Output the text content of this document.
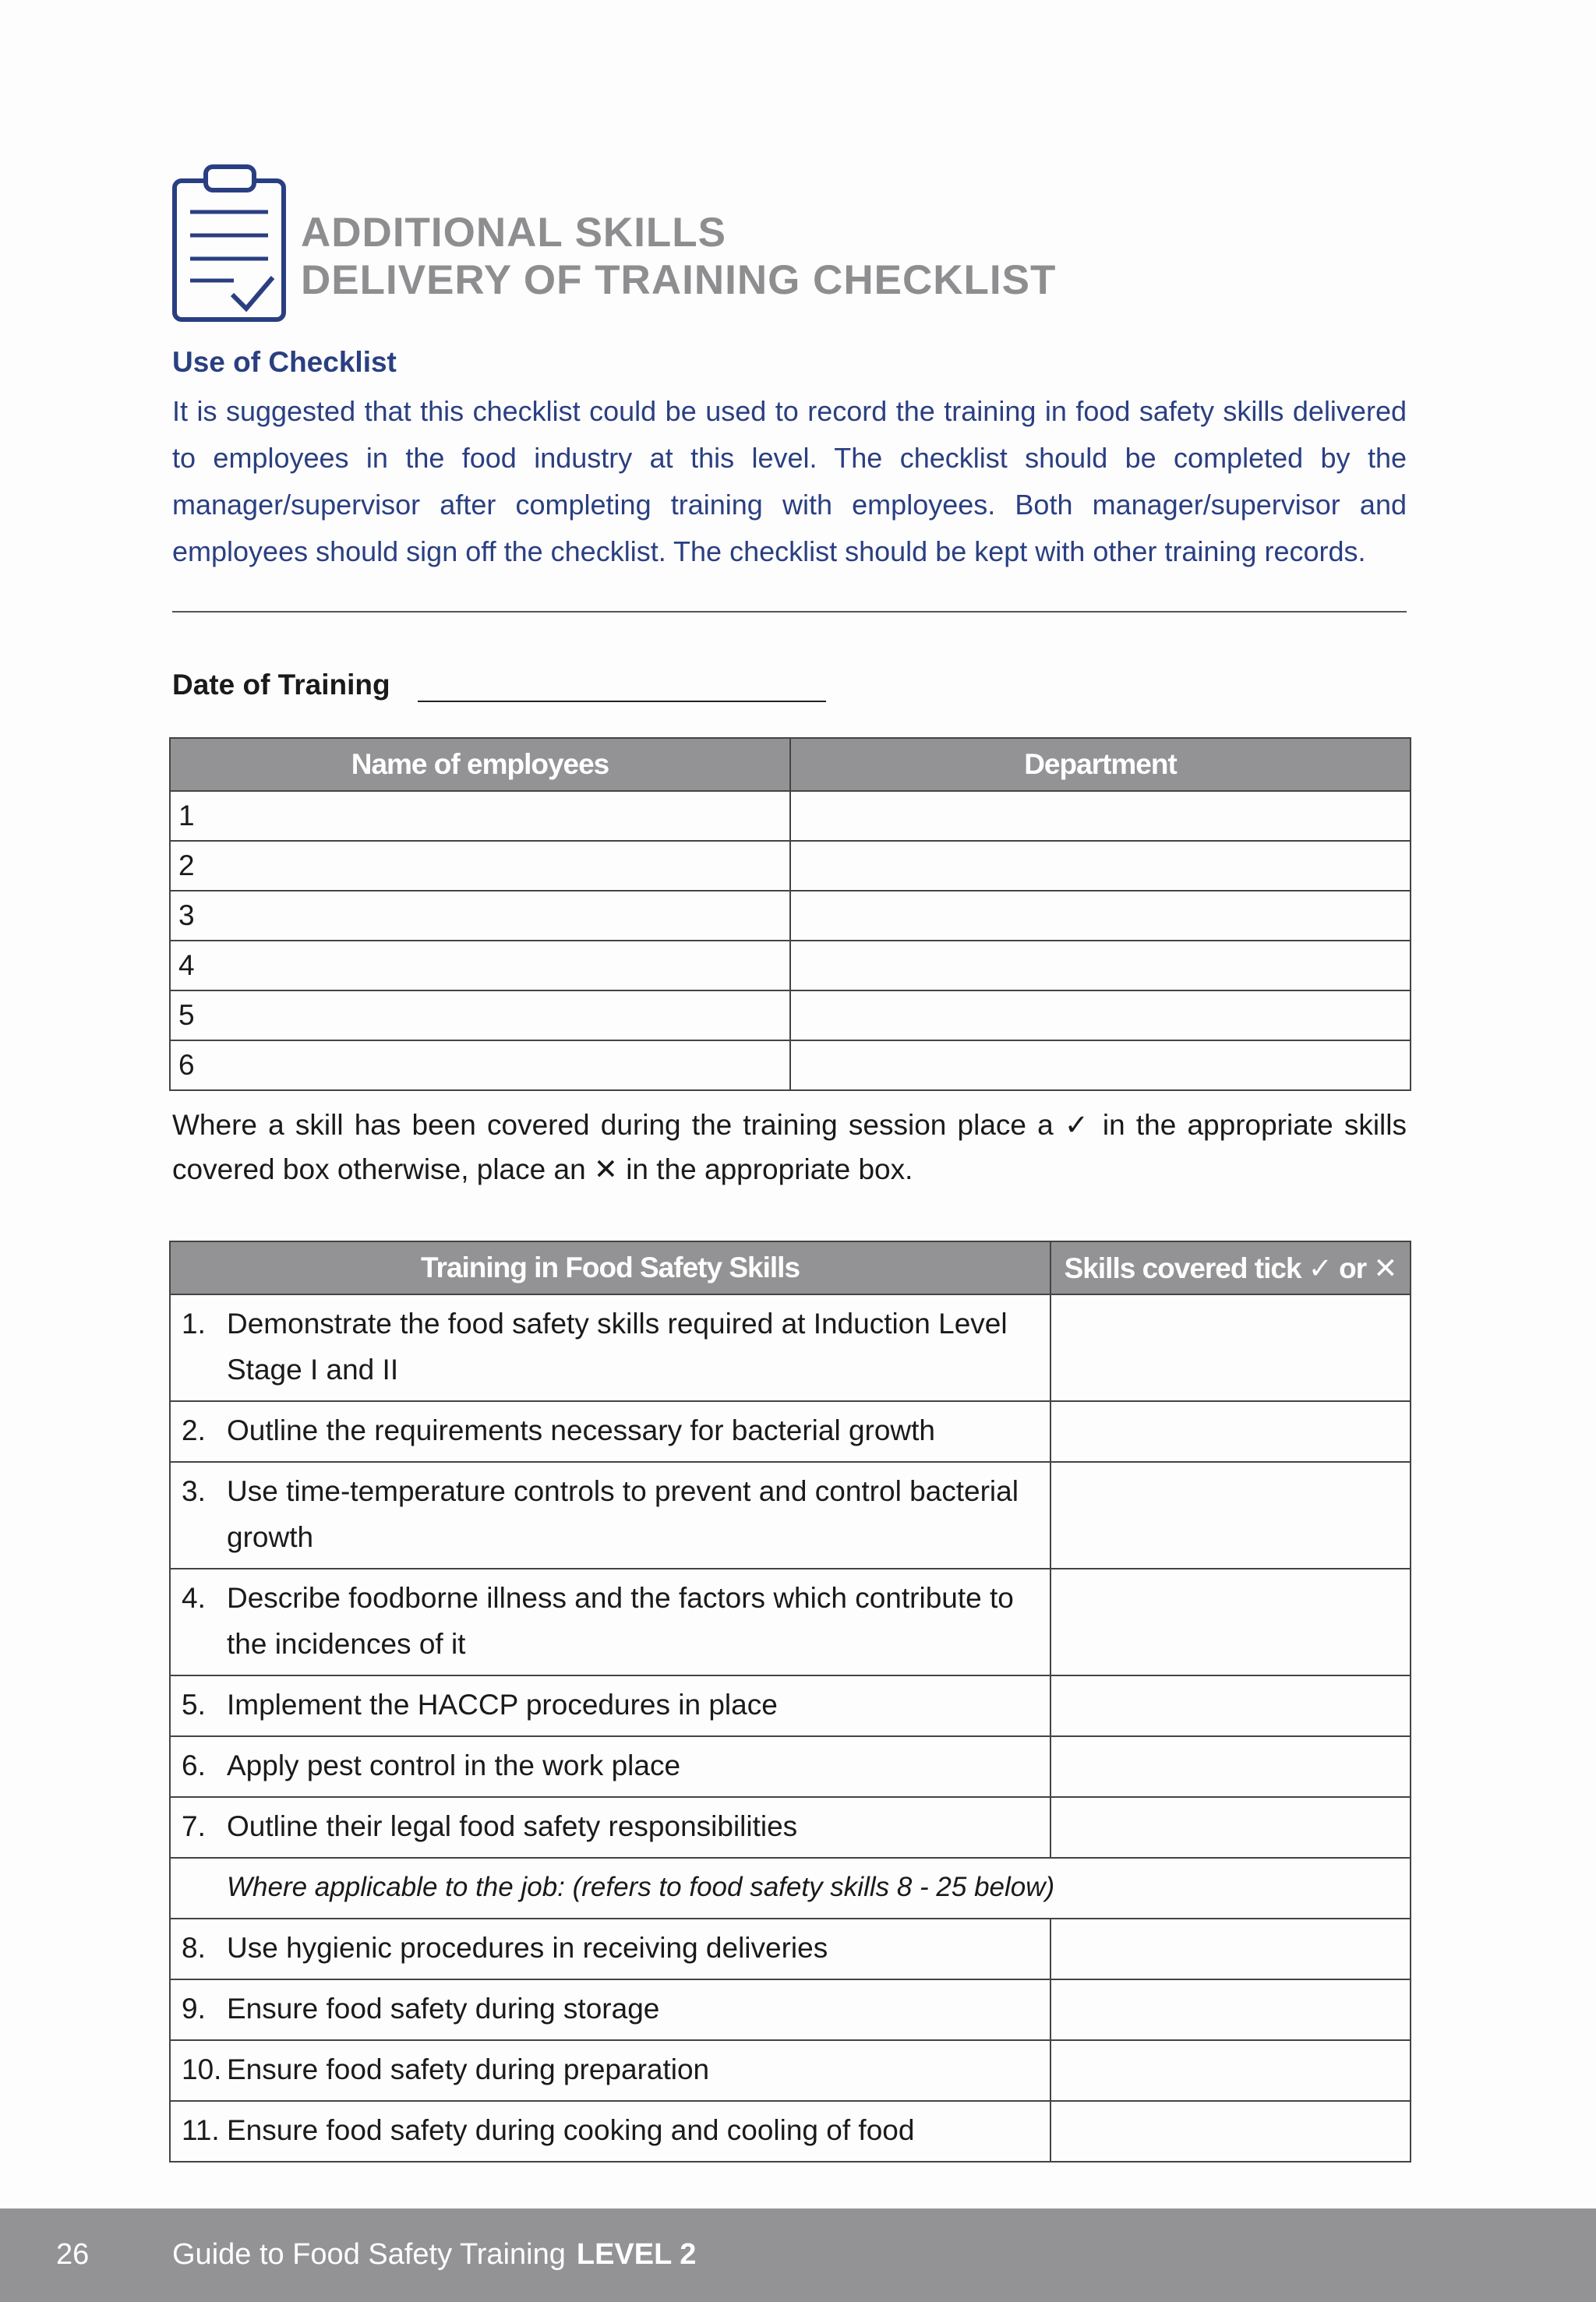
ADDITIONAL SKILLS
DELIVERY OF TRAINING CHECKLIST
Use of Checklist

It is suggested that this checklist could be used to record the training in food safety skills delivered to employees in the food industry at this level. The checklist should be completed by the manager/supervisor after completing training with employees. Both manager/supervisor and employees should sign off the checklist. The checklist should be kept with other training records.

Date of Training
Name of employees	Department
1	
2	
3	
4	
5	
6	
Where a skill has been covered during the training session place a ✓ in the appropriate skills covered box otherwise, place an ✕ in the appropriate box.
Training in Food Safety Skills	Skills covered tick ✓ or ✕

1. Demonstrate the food safety skills required at Induction Level Stage I and II	

2. Outline the requirements necessary for bacterial growth	

3. Use time-temperature controls to prevent and control bacterial growth	

4. Describe foodborne illness and the factors which contribute to the incidences of it	

5. Implement the HACCP procedures in place	

6. Apply pest control in the work place	

7. Outline their legal food safety responsibilities	

Where applicable to the job: (refers to food safety skills 8 - 25 below)	

8. Use hygienic procedures in receiving deliveries	

9. Ensure food safety during storage	

10. Ensure food safety during preparation	

11. Ensure food safety during cooking and cooling of food	

26	Guide to Food Safety Training LEVEL 2
